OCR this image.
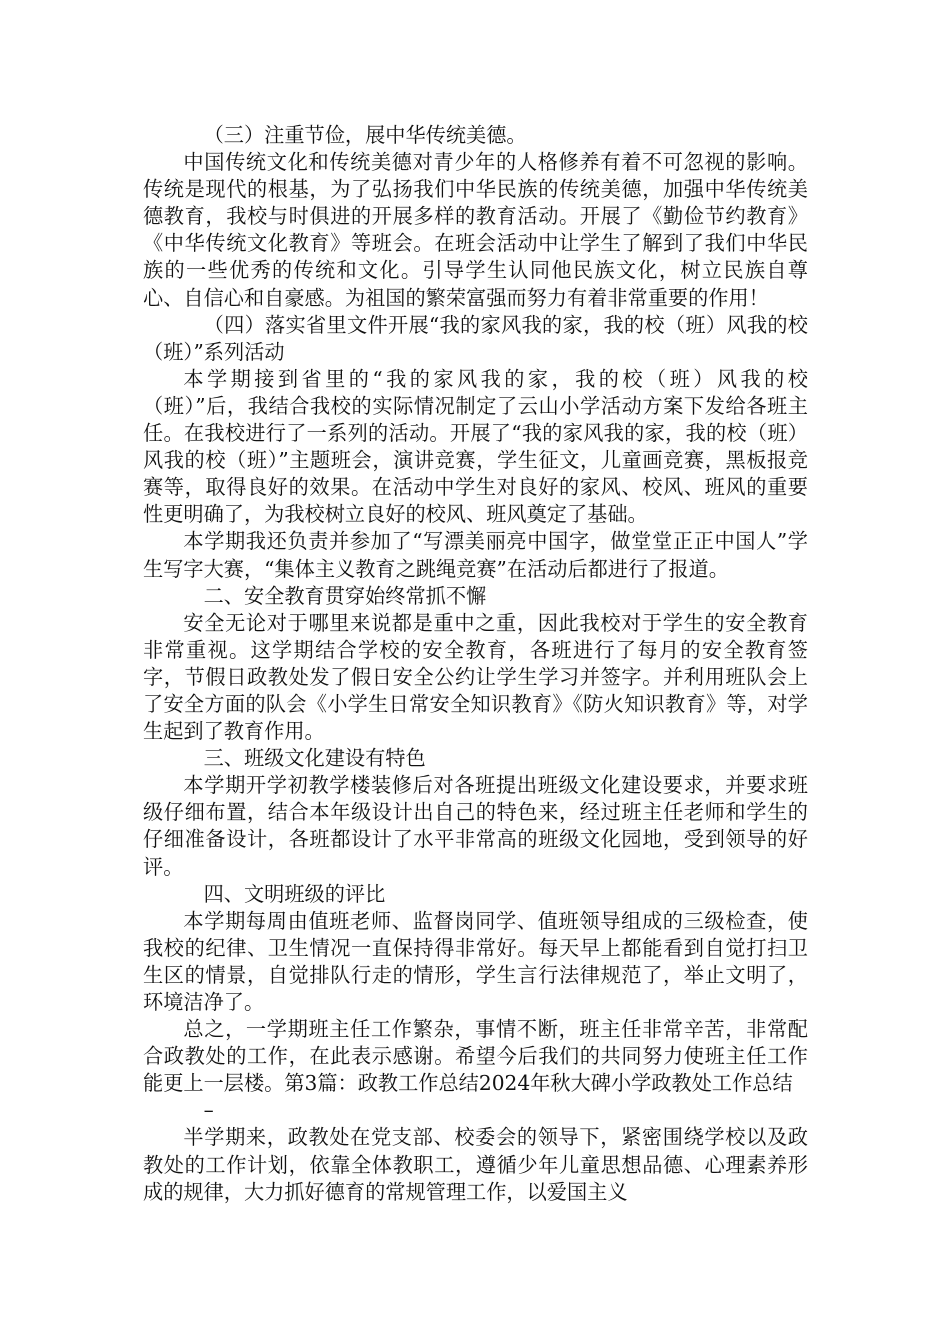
（三）注重节俭，展中华传统美德。

中国传统文化和传统美德对青少年的人格修养有着不可忽视的影响。传统是现代的根基，为了弘扬我们中华民族的传统美德，加强中华传统美德教育，我校与时俱进的开展多样的教育活动。开展了《勤俭节约教育》《中华传统文化教育》等班会。在班会活动中让学生了解到了我们中华民族的一些优秀的传统和文化。引导学生认同他民族文化，树立民族自尊心、自信心和自豪感。为祖国的繁荣富强而努力有着非常重要的作用！

（四）落实省里文件开展“我的家风我的家，我的校（班）风我的校（班）”系列活动

本学期接到省里的“我的家风我的家，我的校（班）风我的校（班）”后，我结合我校的实际情况制定了云山小学活动方案下发给各班主任。在我校进行了一系列的活动。开展了“我的家风我的家，我的校（班）风我的校（班）”主题班会，演讲竞赛，学生征文，儿童画竞赛，黑板报竞赛等，取得良好的效果。在活动中学生对良好的家风、校风、班风的重要性更明确了，为我校树立良好的校风、班风奠定了基础。

本学期我还负责并参加了“写漂美丽亮中国字，做堂堂正正中国人”学生写字大赛，“集体主义教育之跳绳竞赛”在活动后都进行了报道。

二、安全教育贯穿始终常抓不懈

安全无论对于哪里来说都是重中之重，因此我校对于学生的安全教育非常重视。这学期结合学校的安全教育，各班进行了每月的安全教育签字，节假日政教处发了假日安全公约让学生学习并签字。并利用班队会上了安全方面的队会《小学生日常安全知识教育》《防火知识教育》等，对学生起到了教育作用。

三、班级文化建设有特色

本学期开学初教学楼装修后对各班提出班级文化建设要求，并要求班级仔细布置，结合本年级设计出自己的特色来，经过班主任老师和学生的仔细准备设计，各班都设计了水平非常高的班级文化园地，受到领导的好评。

四、文明班级的评比

本学期每周由值班老师、监督岗同学、值班领导组成的三级检查，使我校的纪律、卫生情况一直保持得非常好。每天早上都能看到自觉打扫卫生区的情景，自觉排队行走的情形，学生言行法律规范了，举止文明了，环境洁净了。

总之，一学期班主任工作繁杂，事情不断，班主任非常辛苦，非常配合政教处的工作，在此表示感谢。希望今后我们的共同努力使班主任工作能更上一层楼。第3篇：政教工作总结2024年秋大碑小学政教处工作总结

–

半学期来，政教处在党支部、校委会的领导下，紧密围绕学校以及政教处的工作计划，依靠全体教职工，遵循少年儿童思想品德、心理素养形成的规律，大力抓好德育的常规管理工作，以爱国主义
